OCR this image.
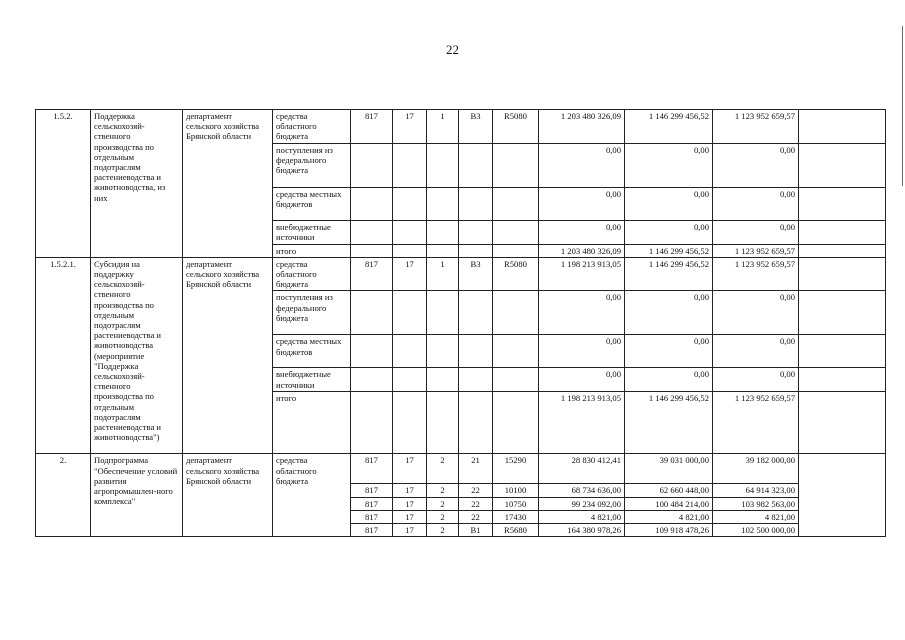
22
1.5.2.	Поддержка сельскохозяй-ственного производства по отдельным подотраслям растениеводства и животноводства, из них	департамент сельского хозяйства Брянской области	средства областного бюджета	817	17	1	В3	R5080	1 203 480 326,09	1 146 299 456,52	1 123 952 659,57	
			поступления из федерального бюджета						0,00	0,00	0,00	
			средства местных бюджетов						0,00	0,00	0,00	
			внебюджетные источники						0,00	0,00	0,00	
			итого						1 203 480 326,09	1 146 299 456,52	1 123 952 659,57	
1.5.2.1.	Субсидия на поддержку сельскохозяй-ственного производства по отдельным подотраслям растениеводства и животноводства (мероприятие "Поддержка сельскохозяй-ственного производства по отдельным подотраслям растениеводства и животноводства")	департамент сельского хозяйства Брянской области	средства областного бюджета	817	17	1	В3	R5080	1 198 213 913,05	1 146 299 456,52	1 123 952 659,57	
			поступления из федерального бюджета						0,00	0,00	0,00	
			средства местных бюджетов						0,00	0,00	0,00	
			внебюджетные источники						0,00	0,00	0,00	
			итого						1 198 213 913,05	1 146 299 456,52	1 123 952 659,57	
2.	Подпрограмма "Обеспечение условий развития агропромышлен-ного комплекса"	департамент сельского хозяйства Брянской области	средства областного бюджета	817	17	2	21	15290	28 830 412,41	39 031 000,00	39 182 000,00	
				817	17	2	22	10100	68 734 636,00	62 660 448,00	64 914 323,00	
				817	17	2	22	10750	99 234 092,00	100 484 214,00	103 982 563,00	
				817	17	2	22	17430	4 821,00	4 821,00	4 821,00	
				817	17	2	В1	R5680	164 380 978,26	109 918 478,26	102 500 000,00	
